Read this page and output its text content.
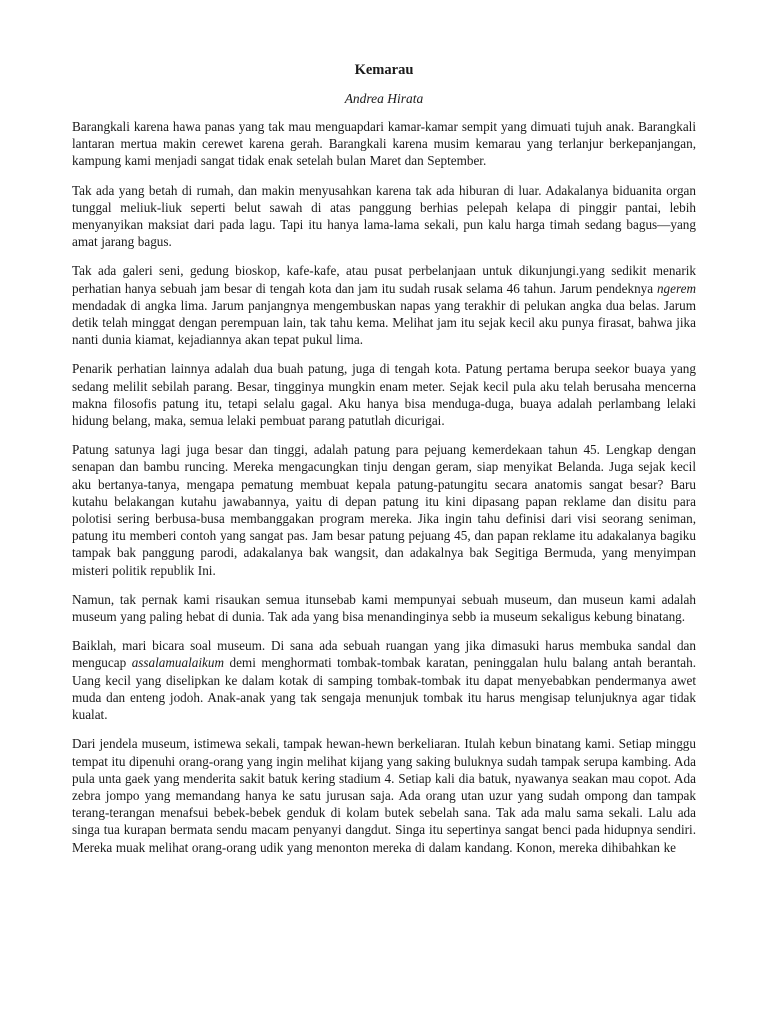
Kemarau
Andrea Hirata

Barangkali karena hawa panas yang tak mau menguapdari kamar-kamar sempit yang dimuati tujuh anak. Barangkali lantaran mertua makin cerewet karena gerah. Barangkali karena musim kemarau yang terlanjur berkepanjangan, kampung kami menjadi sangat tidak enak setelah bulan Maret dan September.

Tak ada yang betah di rumah, dan makin menyusahkan karena tak ada hiburan di luar. Adakalanya biduanita organ tunggal meliuk-liuk seperti belut sawah di atas panggung berhias pelepah kelapa di pinggir pantai, lebih menyanyikan maksiat dari pada lagu. Tapi itu hanya lama-lama sekali, pun kalu harga timah sedang bagus—yang amat jarang bagus.

Tak ada galeri seni, gedung bioskop, kafe-kafe, atau pusat perbelanjaan untuk dikunjungi.yang sedikit menarik perhatian hanya sebuah jam besar di tengah kota dan jam itu sudah rusak selama 46 tahun. Jarum pendeknya ngerem mendadak di angka lima. Jarum panjangnya mengembuskan napas yang terakhir di pelukan angka dua belas. Jarum detik telah minggat dengan perempuan lain, tak tahu kema. Melihat jam itu sejak kecil aku punya firasat, bahwa jika nanti dunia kiamat, kejadiannya akan tepat pukul lima.

Penarik perhatian lainnya adalah dua buah patung, juga di tengah kota. Patung pertama berupa seekor buaya yang sedang melilit sebilah parang. Besar, tingginya mungkin enam meter. Sejak kecil pula aku telah berusaha mencerna makna filosofis patung itu, tetapi selalu gagal. Aku hanya bisa menduga-duga, buaya adalah perlambang lelaki hidung belang, maka, semua lelaki pembuat parang patutlah dicurigai.

Patung satunya lagi juga besar dan tinggi, adalah patung para pejuang kemerdekaan tahun 45. Lengkap dengan senapan dan bambu runcing. Mereka mengacungkan tinju dengan geram, siap menyikat Belanda. Juga sejak kecil aku bertanya-tanya, mengapa pematung membuat kepala patung-patungitu secara anatomis sangat besar? Baru kutahu belakangan kutahu jawabannya, yaitu di depan patung itu kini dipasang papan reklame dan disitu para polotisi sering berbusa-busa membanggakan program mereka. Jika ingin tahu definisi dari visi seorang seniman, patung itu memberi contoh yang sangat pas. Jam besar patung pejuang 45, dan papan reklame itu adakalanya bagiku tampak bak panggung parodi, adakalanya bak wangsit, dan adakalnya bak Segitiga Bermuda, yang menyimpan misteri politik republik Ini.

Namun, tak pernak kami risaukan semua itunsebab kami mempunyai sebuah museum, dan museun kami adalah museum yang paling hebat di dunia. Tak ada yang bisa menandinginya sebb ia museum sekaligus kebung binatang.

Baiklah, mari bicara soal museum. Di sana ada sebuah ruangan yang jika dimasuki harus membuka sandal dan mengucap assalamualaikum demi menghormati tombak-tombak karatan, peninggalan hulu balang antah berantah. Uang kecil yang diselipkan ke dalam kotak di samping tombak-tombak itu dapat menyebabkan pendermanya awet muda dan enteng jodoh. Anak-anak yang tak sengaja menunjuk tombak itu harus mengisap telunjuknya agar tidak kualat.

Dari jendela museum, istimewa sekali, tampak hewan-hewn berkeliaran. Itulah kebun binatang kami. Setiap minggu tempat itu dipenuhi orang-orang yang ingin melihat kijang yang saking buluknya sudah tampak serupa kambing. Ada pula unta gaek yang menderita sakit batuk kering stadium 4. Setiap kali dia batuk, nyawanya seakan mau copot. Ada zebra jompo yang memandang hanya ke satu jurusan saja. Ada orang utan uzur yang sudah ompong dan tampak terang-terangan menafsui bebek-bebek genduk di kolam butek sebelah sana. Tak ada malu sama sekali. Lalu ada singa tua kurapan bermata sendu macam penyanyi dangdut. Singa itu sepertinya sangat benci pada hidupnya sendiri. Mereka muak melihat orang-orang udik yang menonton mereka di dalam kandang. Konon, mereka dihibahkan ke
